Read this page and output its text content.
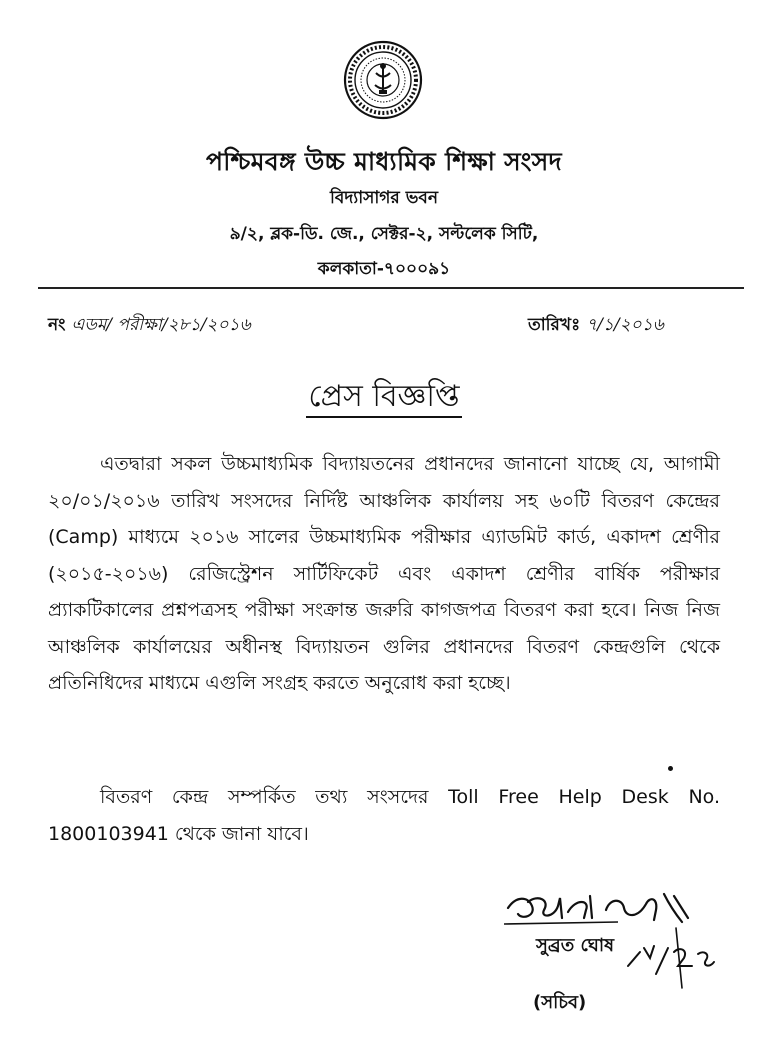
পশ্চিমবঙ্গ উচ্চ মাধ্যমিক শিক্ষা সংসদ
বিদ্যাসাগর ভবন
৯/২, ব্লক-ডি. জে., সেক্টর-২, সল্টলেক সিটি,
কলকাতা-৭০০০৯১
নং এডম/ পরীক্ষা/২৮১/২০১৬	তারিখঃ ৭/১/২০১৬
প্রেস বিজ্ঞপ্তি

এতদ্বারা সকল উচ্চমাধ্যমিক বিদ্যায়তনের প্রধানদের জানানো যাচ্ছে যে, আগামী ২০/০১/২০১৬ তারিখ সংসদের নির্দিষ্ট আঞ্চলিক কার্যালয় সহ ৬০টি বিতরণ কেন্দ্রের (Camp) মাধ্যমে ২০১৬ সালের উচ্চমাধ্যমিক পরীক্ষার এ্যাডমিট কার্ড, একাদশ শ্রেণীর (২০১৫-২০১৬) রেজিস্ট্রেশন সার্টিফিকেট এবং একাদশ শ্রেণীর বার্ষিক পরীক্ষার প্র্যাকটিকালের প্রশ্নপত্রসহ পরীক্ষা সংক্রান্ত জরুরি কাগজপত্র বিতরণ করা হবে। নিজ নিজ আঞ্চলিক কার্যালয়ের অধীনস্থ বিদ্যায়তন গুলির প্রধানদের বিতরণ কেন্দ্রগুলি থেকে প্রতিনিধিদের মাধ্যমে এগুলি সংগ্রহ করতে অনুরোধ করা হচ্ছে।

বিতরণ কেন্দ্র সম্পর্কিত তথ্য সংসদের Toll Free Help Desk No. 1800103941 থেকে জানা যাবে।

সুব্রত ঘোষ
(সচিব)
